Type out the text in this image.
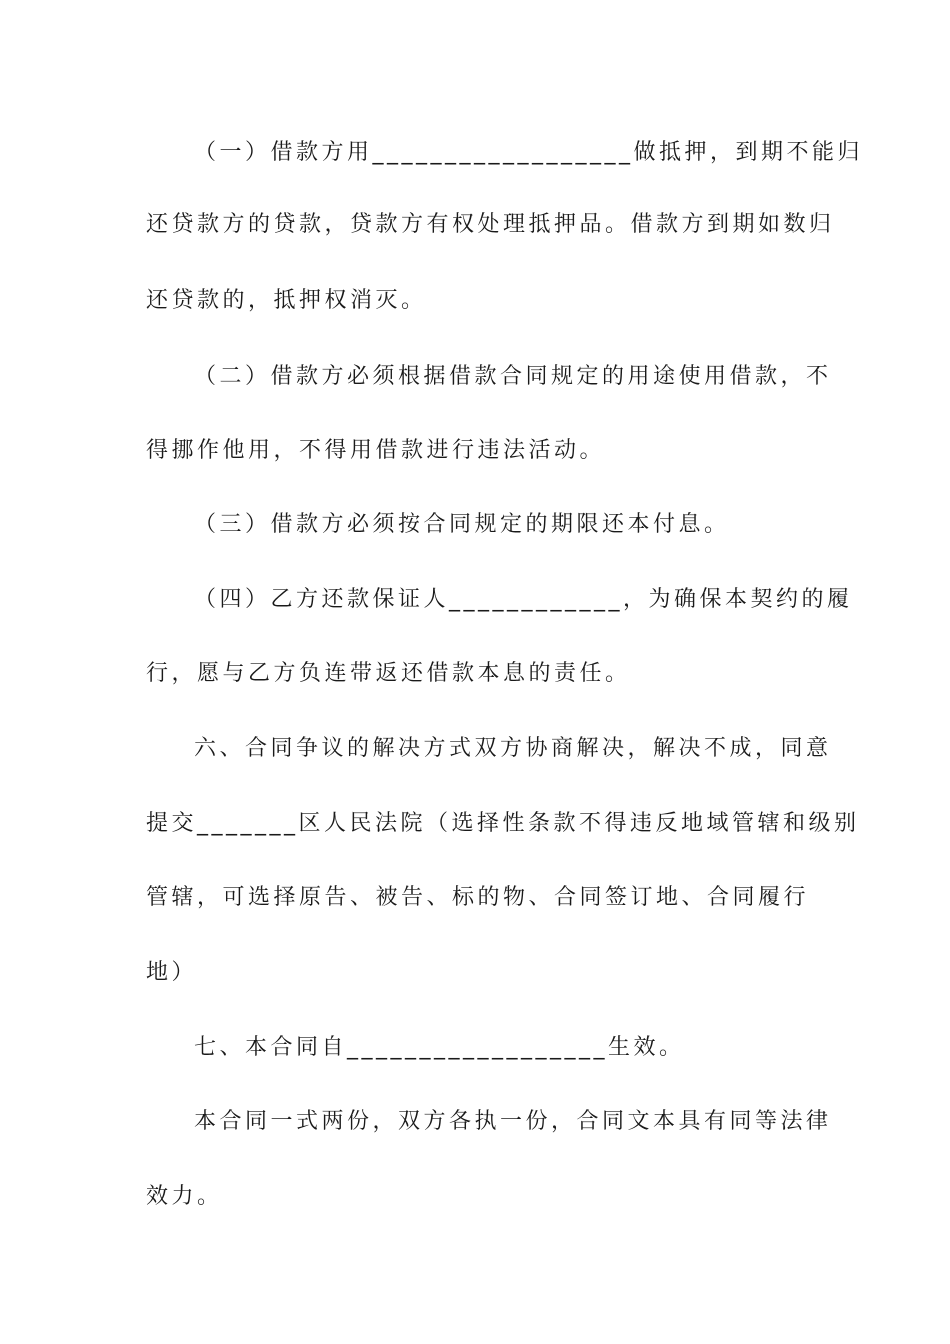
（一）借款方用__________________做抵押，到期不能归
还贷款方的贷款，贷款方有权处理抵押品。借款方到期如数归
还贷款的，抵押权消灭。
（二）借款方必须根据借款合同规定的用途使用借款，不
得挪作他用，不得用借款进行违法活动。
（三）借款方必须按合同规定的期限还本付息。
（四）乙方还款保证人____________，为确保本契约的履
行，愿与乙方负连带返还借款本息的责任。
六、合同争议的解决方式双方协商解决，解决不成，同意
提交_______区人民法院（选择性条款不得违反地域管辖和级别
管辖，可选择原告、被告、标的物、合同签订地、合同履行
地）
七、本合同自__________________生效。
本合同一式两份，双方各执一份，合同文本具有同等法律
效力。
